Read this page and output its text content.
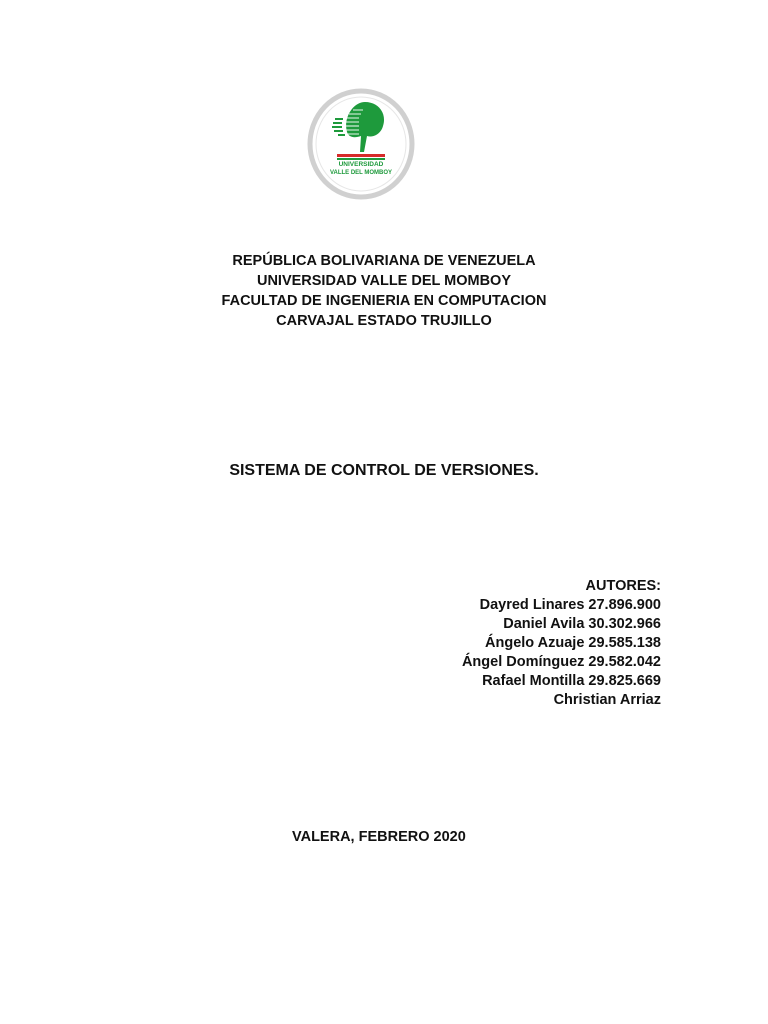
UNIVERSIDAD
VALLE DEL MOMBOY

REPÚBLICA BOLIVARIANA DE VENEZUELA

UNIVERSIDAD VALLE DEL MOMBOY

FACULTAD DE INGENIERIA EN COMPUTACION

CARVAJAL ESTADO TRUJILLO

SISTEMA DE CONTROL DE VERSIONES.

AUTORES:

Dayred Linares 27.896.900

Daniel Avila 30.302.966

Ángelo Azuaje 29.585.138

Ángel Domínguez 29.582.042

Rafael Montilla 29.825.669

Christian Arriaz

VALERA, FEBRERO 2020
